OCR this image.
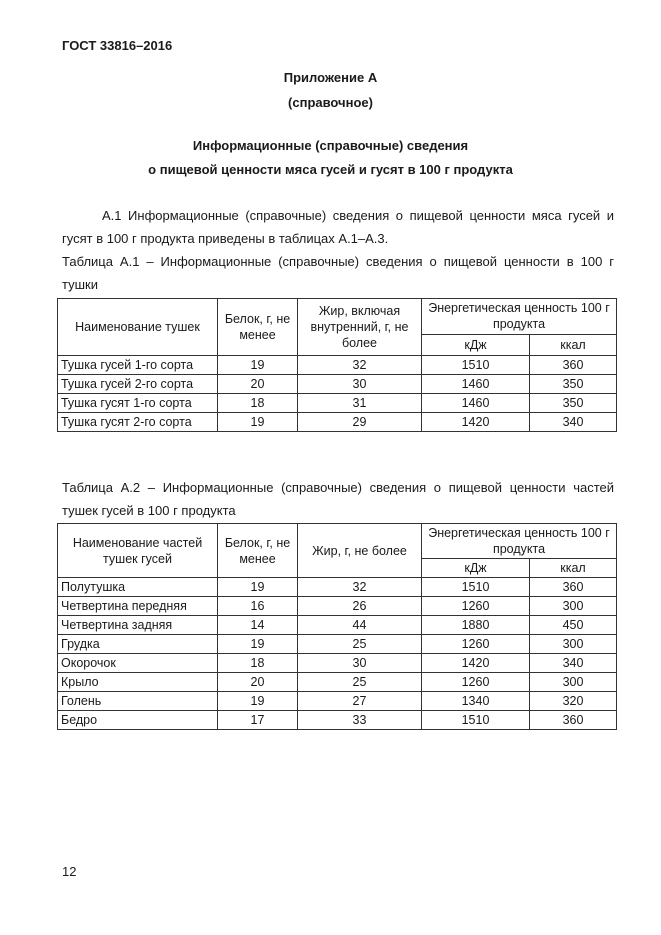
ГОСТ 33816–2016
Приложение А
(справочное)
Информационные (справочные) сведения
о пищевой ценности мяса гусей и гусят в 100 г продукта
А.1 Информационные (справочные) сведения о пищевой ценности мяса гусей и гусят в 100 г продукта приведены в таблицах А.1–А.3.
Таблица А.1 – Информационные (справочные) сведения о пищевой ценности в 100 г тушки
Наименование тушек	Белок, г, не менее	Жир, включая внутренний, г, не более	Энергетическая ценность 100 г продукта	
			кДж	ккал
Тушка гусей 1-го сорта	19	32	1510	360
Тушка гусей 2-го сорта	20	30	1460	350
Тушка гусят 1-го сорта	18	31	1460	350
Тушка гусят 2-го сорта	19	29	1420	340
Таблица А.2 – Информационные (справочные) сведения о пищевой ценности частей тушек гусей в 100 г продукта
Наименование частей тушек гусей	Белок, г, не менее	Жир, г, не более	Энергетическая ценность 100 г продукта	
			кДж	ккал
Полутушка	19	32	1510	360
Четвертина передняя	16	26	1260	300
Четвертина задняя	14	44	1880	450
Грудка	19	25	1260	300
Окорочок	18	30	1420	340
Крыло	20	25	1260	300
Голень	19	27	1340	320
Бедро	17	33	1510	360
12
